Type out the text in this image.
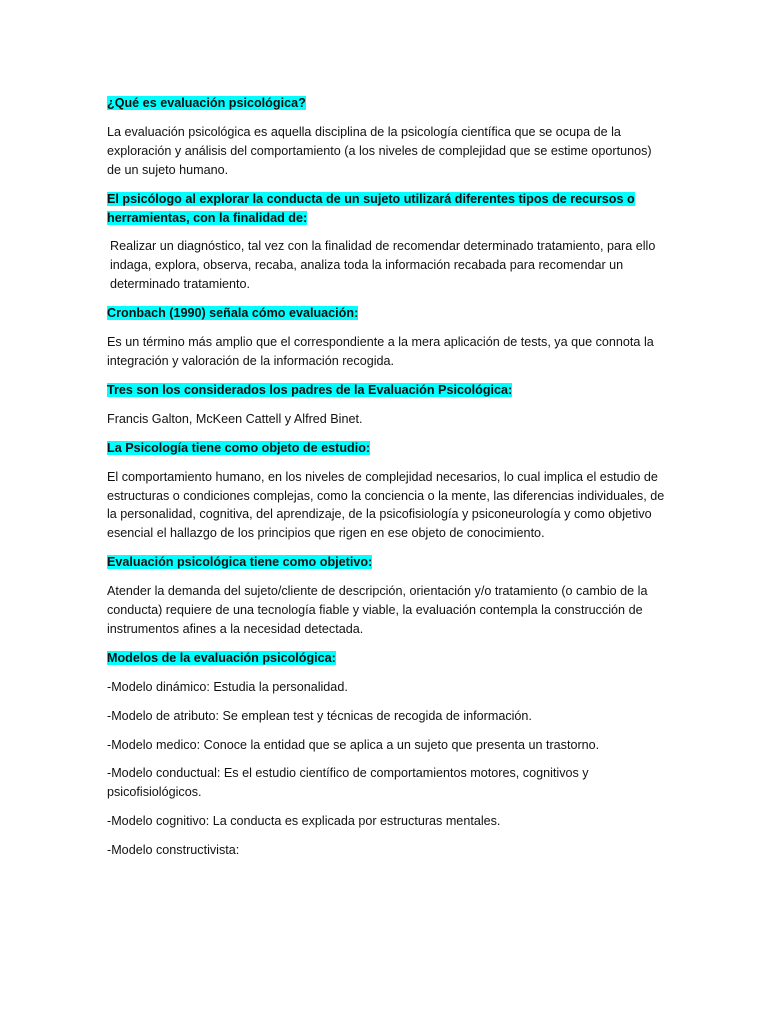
¿Qué es evaluación psicológica?

La evaluación psicológica es aquella disciplina de la psicología científica que se ocupa de la exploración y análisis del comportamiento (a los niveles de complejidad que se estime oportunos) de un sujeto humano.

El psicólogo al explorar la conducta de un sujeto utilizará diferentes tipos de recursos o herramientas, con la finalidad de:

Realizar un diagnóstico, tal vez con la finalidad de recomendar determinado tratamiento, para ello indaga, explora, observa, recaba, analiza toda la información recabada para recomendar un determinado tratamiento.

Cronbach (1990) señala cómo evaluación:

Es un término más amplio que el correspondiente a la mera aplicación de tests, ya que connota la integración y valoración de la información recogida.

Tres son los considerados los padres de la Evaluación Psicológica:

Francis Galton, McKeen Cattell y Alfred Binet.

La Psicología tiene como objeto de estudio:

El comportamiento humano, en los niveles de complejidad necesarios, lo cual implica el estudio de estructuras o condiciones complejas, como la conciencia o la mente, las diferencias individuales, de la personalidad, cognitiva, del aprendizaje, de la psicofisiología y psiconeurología y como objetivo esencial el hallazgo de los principios que rigen en ese objeto de conocimiento.

Evaluación psicológica tiene como objetivo:

Atender la demanda del sujeto/cliente de descripción, orientación y/o tratamiento (o cambio de la conducta) requiere de una tecnología fiable y viable, la evaluación contempla la construcción de instrumentos afines a la necesidad detectada.

Modelos de la evaluación psicológica:

-Modelo dinámico: Estudia la personalidad.

-Modelo de atributo: Se emplean test y técnicas de recogida de información.

-Modelo medico: Conoce la entidad que se aplica a un sujeto que presenta un trastorno.

-Modelo conductual: Es el estudio científico de comportamientos motores, cognitivos y psicofisiológicos.

-Modelo cognitivo: La conducta es explicada por estructuras mentales.

-Modelo constructivista:
